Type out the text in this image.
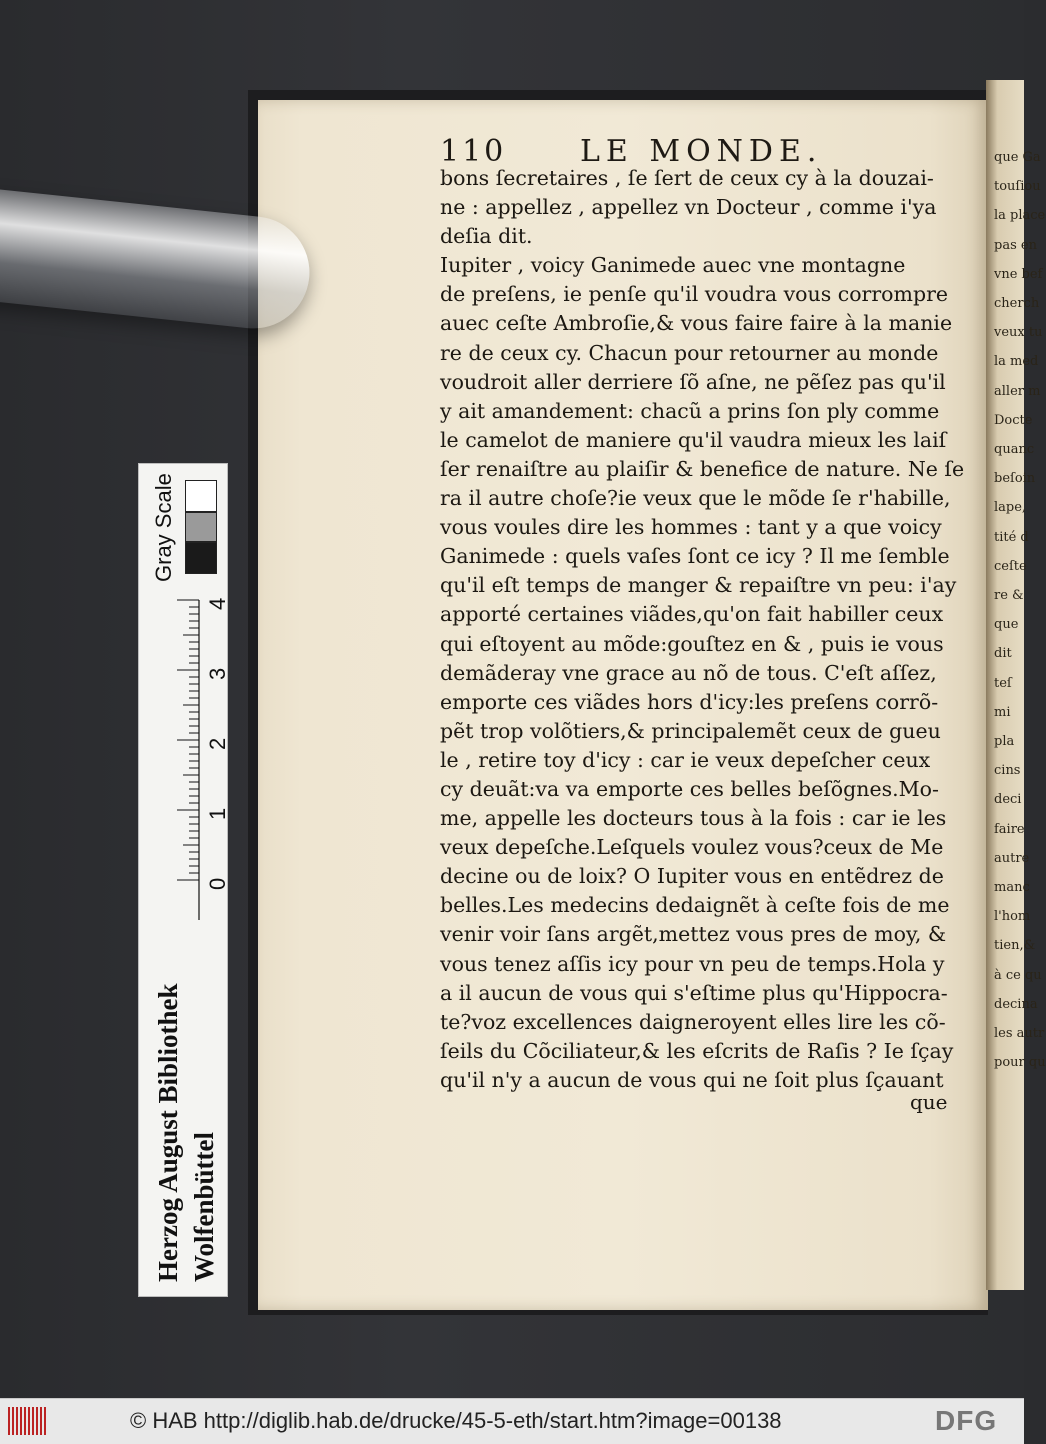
que Ga
touſiou
la place
pas en
vne bef
cherch
veux tu
la med
aller m
Docte
quanc
beſoin
lape,
tité d
ceſte
re &
que
dit
teſ
mi
pla
cins
deci
faire
autre
manc
l'hom
tien,&
à ce qu
decina
les autr
pour qu
110 LE MONDE.
bons ſecretaires , ſe ſert de ceux cy à la douzai-
ne : appellez , appellez vn Docteur , comme i'ya
deſia dit.
Iupiter , voicy Ganimede auec vne montagne
de preſens, ie penſe qu'il voudra vous corrompre
auec ceſte Ambroſie,& vous faire faire à la manie
re de ceux cy. Chacun pour retourner au monde
voudroit aller derriere ſõ aſne, ne pẽſez pas qu'il
y ait amandement: chacũ a prins ſon ply comme
le camelot de maniere qu'il vaudra mieux les laiſ
ſer renaiſtre au plaiſir & benefice de nature. Ne ſe
ra il autre choſe?ie veux que le mõde ſe r'habille,
vous voules dire les hommes : tant y a que voicy
Ganimede : quels vaſes ſont ce icy ? Il me ſemble
qu'il eſt temps de manger & repaiſtre vn peu: i'ay
apporté certaines viãdes,qu'on fait habiller ceux
qui eſtoyent au mõde:gouſtez en & , puis ie vous
demãderay vne grace au nõ de tous. C'eſt aſſez,
emporte ces viãdes hors d'icy:les preſens corrõ-
pẽt trop volõtiers,& principalemẽt ceux de gueu
le , retire toy d'icy : car ie veux depeſcher ceux
cy deuãt:va va emporte ces belles beſõgnes.Mo-
me, appelle les docteurs tous à la fois : car ie les
veux depeſche.Leſquels voulez vous?ceux de Me
decine ou de loix? O Iupiter vous en entẽdrez de
belles.Les medecins dedaignẽt à ceſte fois de me
venir voir ſans argẽt,mettez vous pres de moy, &
vous tenez aſſis icy pour vn peu de temps.Hola y
a il aucun de vous qui s'eſtime plus qu'Hippocra-
te?voz excellences daigneroyent elles lire les cõ-
ſeils du Cõciliateur,& les eſcrits de Raſis ? Ie ſçay
qu'il n'y a aucun de vous qui ne ſoit plus ſçauant
que
Herzog August Bibliothek Wolfenbüttel
Gray Scale
0
1
2
3
4
© HAB http://diglib.hab.de/drucke/45-5-eth/start.htm?image=00138	DFG
